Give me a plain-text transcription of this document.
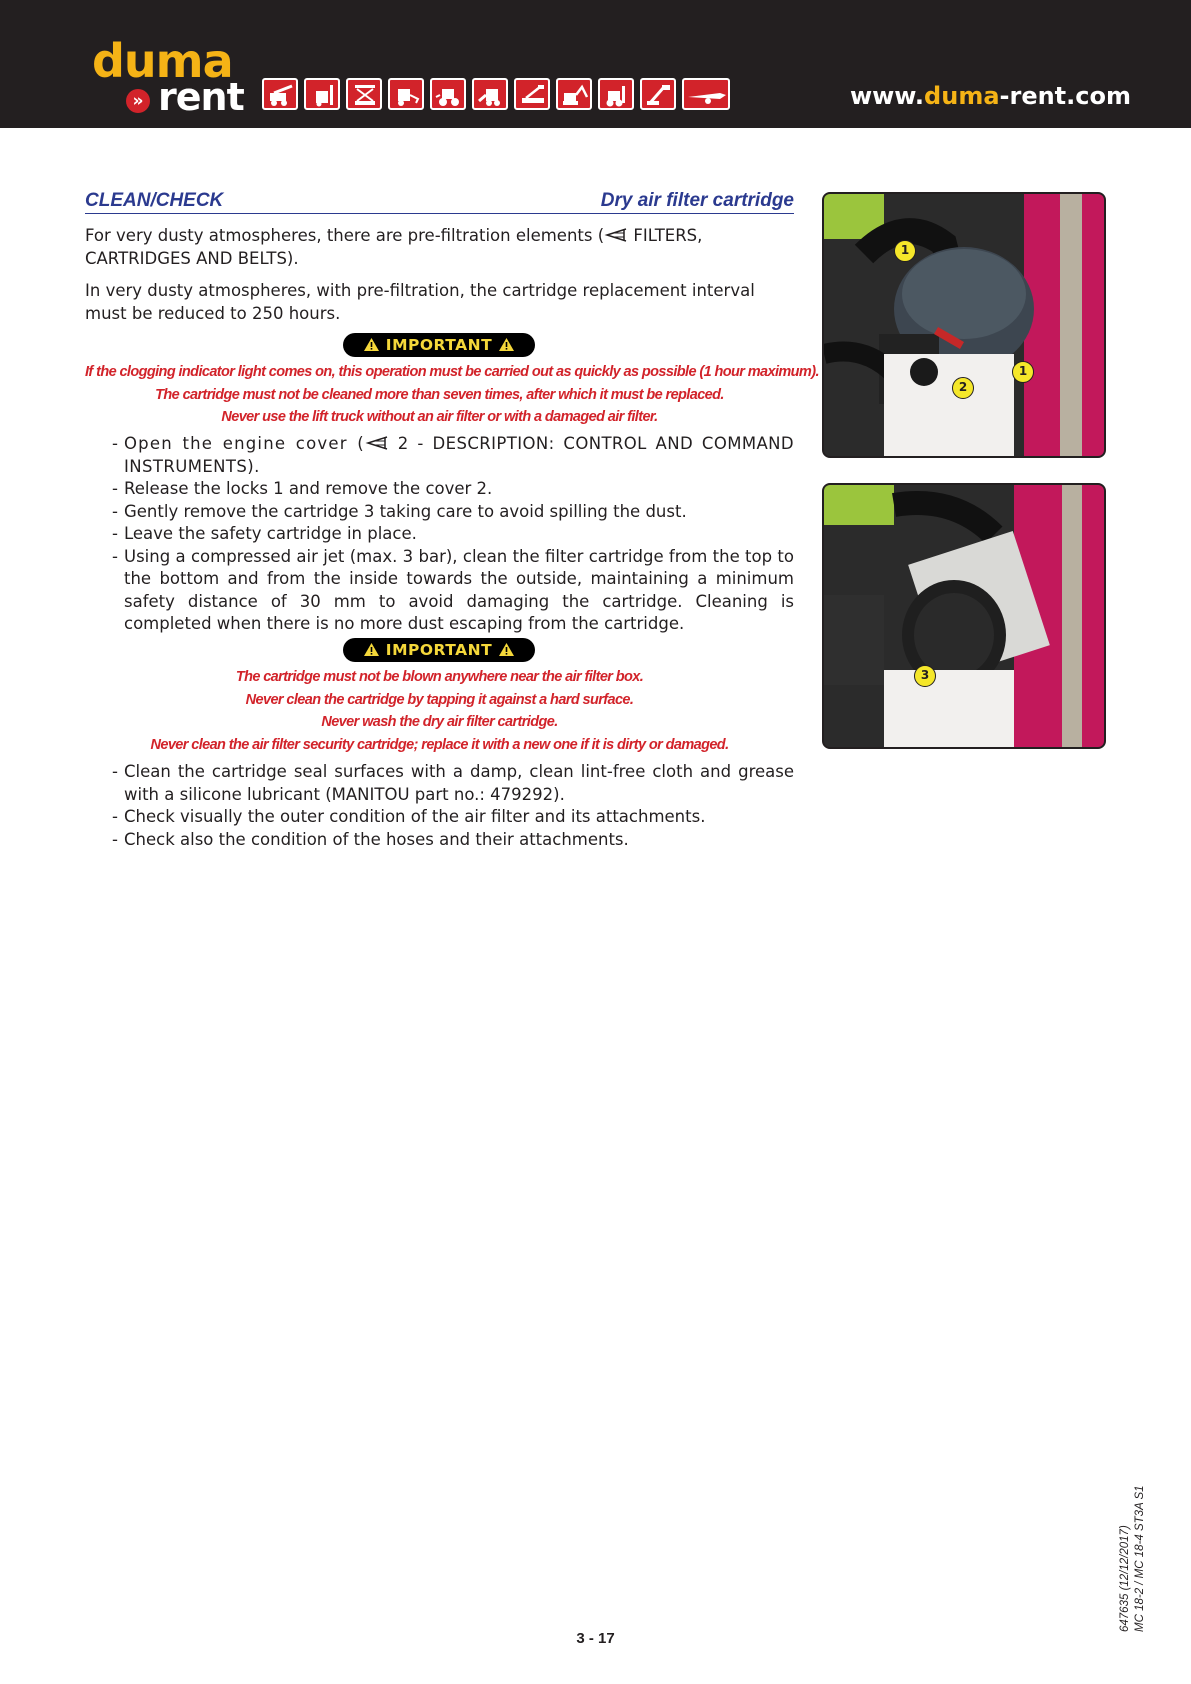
duma
» rent	www.duma-rent.com
CLEAN/CHECK	Dry air filter cartridge
For very dusty atmospheres, there are pre-filtration elements ( FILTERS, CARTRIDGES AND BELTS).
In very dusty atmospheres, with pre-filtration, the cartridge replacement interval must be reduced to 250 hours.
IMPORTANT
If the clogging indicator light comes on, this operation must be carried out as quickly as possible (1 hour maximum).
The cartridge must not be cleaned more than seven times, after which it must be replaced.
Never use the lift truck without an air filter or with a damaged air filter.
- Open the engine cover ( 2 - DESCRIPTION: CONTROL AND COMMAND INSTRUMENTS).
- Release the locks 1 and remove the cover 2.
- Gently remove the cartridge 3 taking care to avoid spilling the dust.
- Leave the safety cartridge in place.
- Using a compressed air jet (max. 3 bar), clean the filter cartridge from the top to the bottom and from the inside towards the outside, maintaining a minimum safety distance of 30 mm to avoid damaging the cartridge. Cleaning is completed when there is no more dust escaping from the cartridge.
IMPORTANT
The cartridge must not be blown anywhere near the air filter box.
Never clean the cartridge by tapping it against a hard surface.
Never wash the dry air filter cartridge.
Never clean the air filter security cartridge; replace it with a new one if it is dirty or damaged.
- Clean the cartridge seal surfaces with a damp, clean lint-free cloth and grease with a silicone lubricant (MANITOU part no.: 479292).
- Check visually the outer condition of the air filter and its attachments.
- Check also the condition of the hoses and their attachments.
1
1
2
3
3 - 17
647635 (12/12/2017) MC 18-2 / MC 18-4 ST3A S1
